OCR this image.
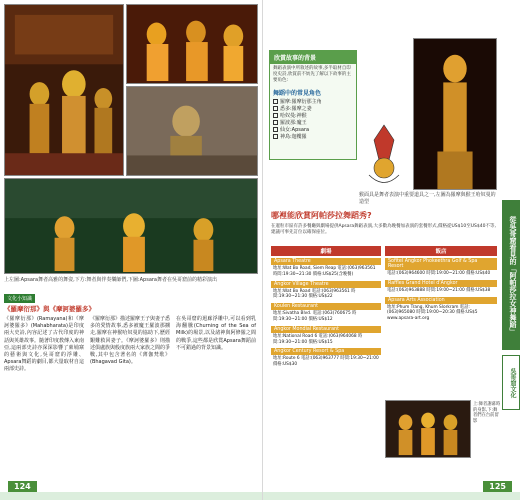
上左圖:Apsara舞者高雅的舞姿,下方:舞者與伴奏樂師們,下圖:Apsara舞者在吳哥窟前的精彩演出
文化小知識
《羅摩衍那》與《摩訶婆羅多》
《羅摩衍那》(Ramayana)和《摩訶婆羅多》(Mahabharata)是印度兩大史詩,內容記述了古代印度的神話與英雄故事。隨著印度教傳入東南亞,這兩部史詩亦深深影響了柬埔寨的藝術與文化,吳哥窟的浮雕、Apsara舞蹈的劇目,都大量取材自這兩部史詩。
《羅摩衍那》描述羅摩王子與妻子悉多的愛情故事,悉多被魔王羅波那擄走,羅摩在神猴哈奴曼的協助下,歷經艱難救回妻子。《摩訶婆羅多》則描述俱盧族與般度族兩大家族之間的爭戰,其中包含著名的《薄伽梵歌》(Bhagavad Gita)。
在吳哥窟的迴廊浮雕中,可以看到乳海翻騰(Churning of the Sea of Milk)的場景,以及諸神與阿修羅之間的戰爭,這些都是欣賞Apsara舞蹈前不可錯過的背景知識。
124
欣賞故事的背景
舞蹈表演中所敘述的故事,多半取材自印度史詩,欣賞前不妨先了解以下故事的主要角色:
舞蹈中的常見角色
羅摩:羅摩衍那主角
悉多:羅摩之妻
哈奴曼:神猴
羅波那:魔王
仙女:Apsara
神鳥:迦樓羅
猴面具是舞者表演中重要道具之一,左圖為羅摩與猴王哈奴曼的造型
哪裡能欣賞阿帕莎拉舞蹈秀?
在暹粒市區有許多餐廳與劇場提供Apsara舞蹈表演,大多數為晚餐加表演的套餐形式,價格從US$10至US$40不等,建議可事先訂位以確保座位。
劇場
Apsara Theatre
地址:Wat Bo Road, Siem Reap 電話:(063)963561 時間:19:30~21:30 價格:US$25(含晚餐)
Angkor Village Theatre
地址:Wat Bo Road 電話:(063)963561 時間:19:30~21:30 價格:US$22
Koulen Restaurant
地址:Sivatha Blvd. 電話:(063)760675 時間:19:30~21:00 價格:US$12
Angkor Mondial Restaurant
地址:National Road 6 電話:(063)964068 時間:19:30~21:00 價格:US$15
Angkor Century Resort & Spa
地址:Route 6 電話:(063)963777 時間:19:30~21:00 價格:US$30
飯店
Sofitel Angkor Phokeethra Golf & Spa Resort
電話:(063)964600 時間:19:00~21:00 價格:US$40
Raffles Grand Hotel d'Angkor
電話:(063)963888 時間:19:00~21:00 價格:US$38
Apsara Arts Association
地址:Phum Trang, Khum Slorkram 電話:(063)965080 時間:19:00~20:30 價格:US$5 www.apsara-art.org
上:舞者謝幕時的身影,下:舞者們在台前留影
從吳哥窟看見的「阿帕莎拉女神舞蹈」
吳哥窟文化
125
